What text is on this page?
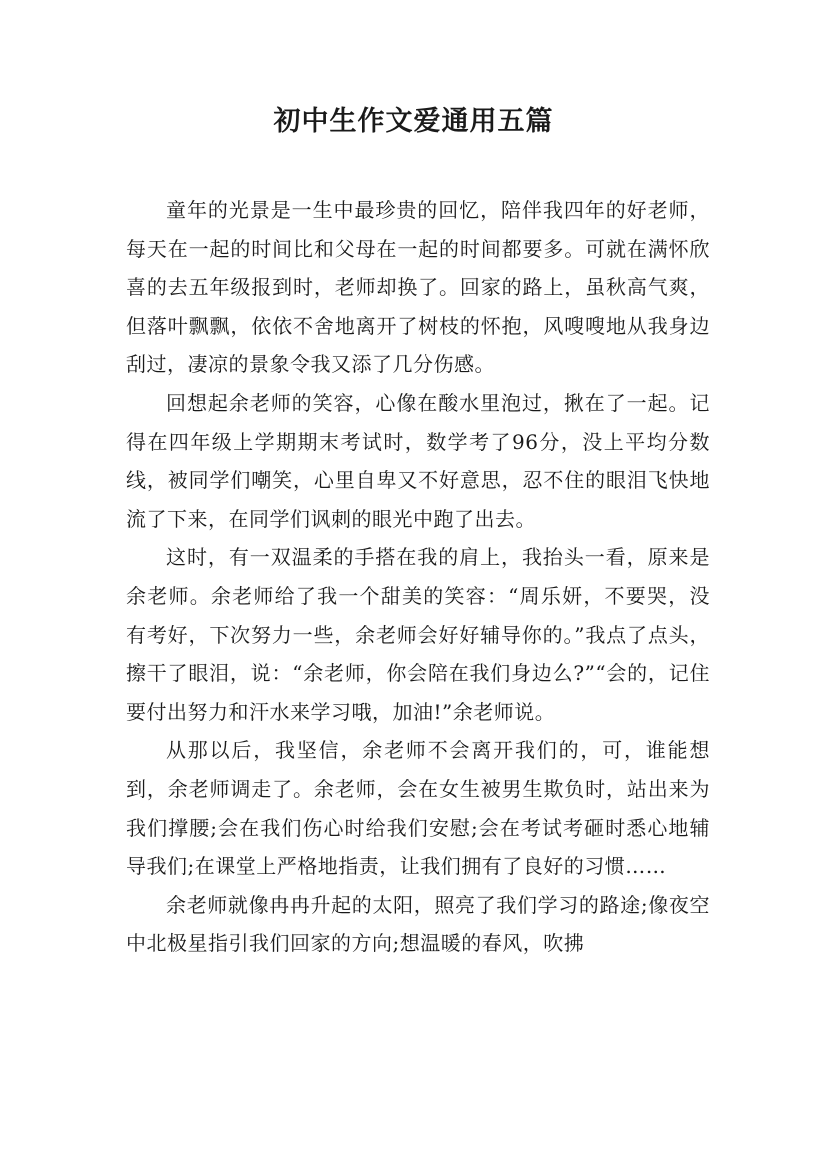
初中生作文爱通用五篇

童年的光景是一生中最珍贵的回忆，陪伴我四年的好老师，每天在一起的时间比和父母在一起的时间都要多。可就在满怀欣喜的去五年级报到时，老师却换了。回家的路上，虽秋高气爽，但落叶飘飘，依依不舍地离开了树枝的怀抱，风嗖嗖地从我身边刮过，凄凉的景象令我又添了几分伤感。

回想起余老师的笑容，心像在酸水里泡过，揪在了一起。记得在四年级上学期期末考试时，数学考了96分，没上平均分数线，被同学们嘲笑，心里自卑又不好意思，忍不住的眼泪飞快地流了下来，在同学们讽刺的眼光中跑了出去。

这时，有一双温柔的手搭在我的肩上，我抬头一看，原来是余老师。余老师给了我一个甜美的笑容：“周乐妍，不要哭，没有考好，下次努力一些，余老师会好好辅导你的。”我点了点头，擦干了眼泪，说：“余老师，你会陪在我们身边么?”“会的，记住要付出努力和汗水来学习哦，加油!”余老师说。

从那以后，我坚信，余老师不会离开我们的，可，谁能想到，余老师调走了。余老师，会在女生被男生欺负时，站出来为我们撑腰;会在我们伤心时给我们安慰;会在考试考砸时悉心地辅导我们;在课堂上严格地指责，让我们拥有了良好的习惯……

余老师就像冉冉升起的太阳，照亮了我们学习的路途;像夜空中北极星指引我们回家的方向;想温暖的春风，吹拂
